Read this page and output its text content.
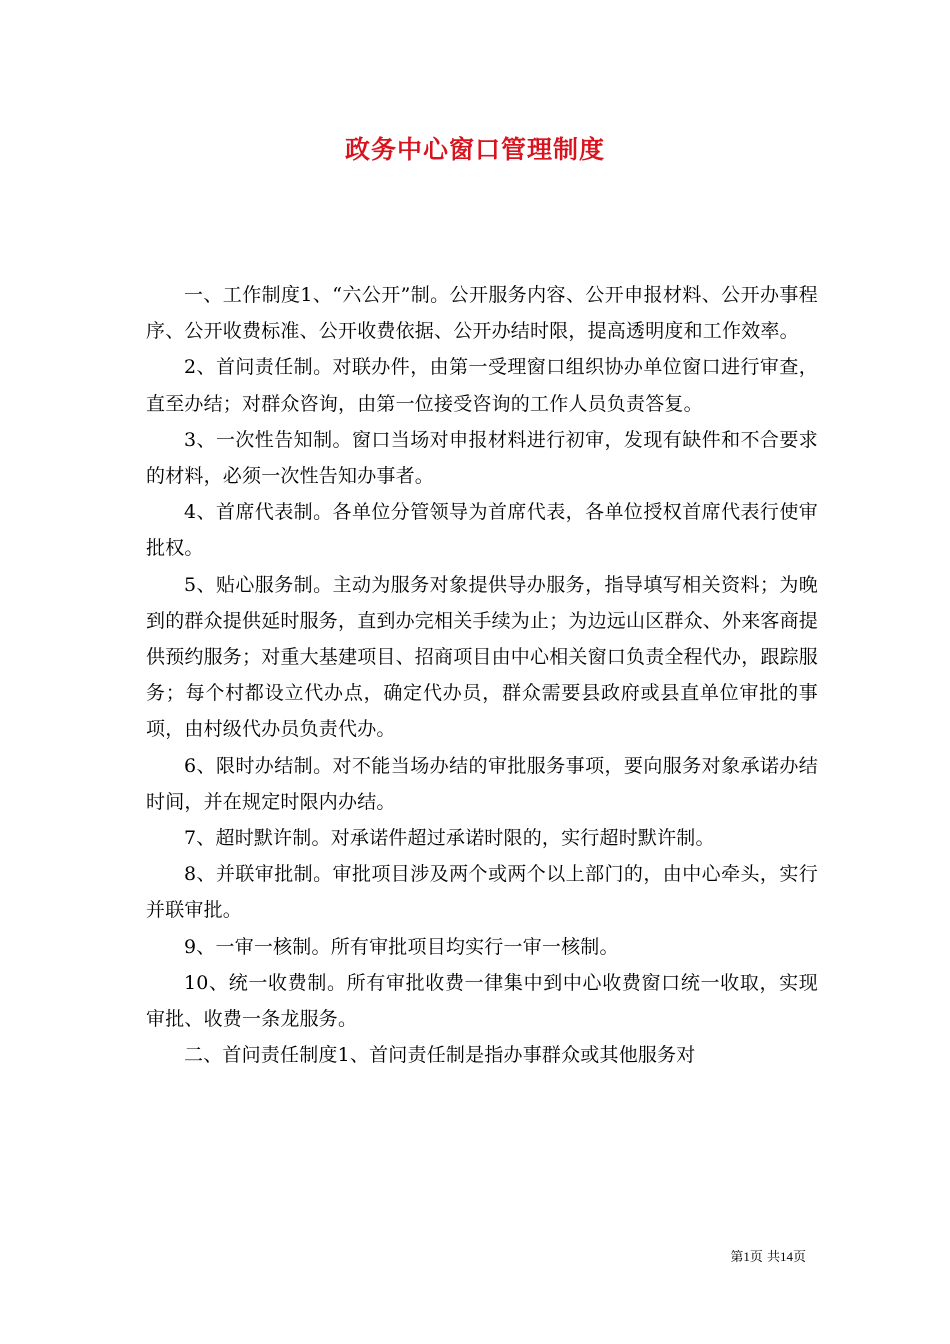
政务中心窗口管理制度

一、工作制度1、“六公开”制。公开服务内容、公开申报材料、公开办事程序、公开收费标准、公开收费依据、公开办结时限，提高透明度和工作效率。

2、首问责任制。对联办件，由第一受理窗口组织协办单位窗口进行审查，直至办结；对群众咨询，由第一位接受咨询的工作人员负责答复。

3、一次性告知制。窗口当场对申报材料进行初审，发现有缺件和不合要求的材料，必须一次性告知办事者。

4、首席代表制。各单位分管领导为首席代表，各单位授权首席代表行使审批权。

5、贴心服务制。主动为服务对象提供导办服务，指导填写相关资料；为晚到的群众提供延时服务，直到办完相关手续为止；为边远山区群众、外来客商提供预约服务；对重大基建项目、招商项目由中心相关窗口负责全程代办，跟踪服务；每个村都设立代办点，确定代办员，群众需要县政府或县直单位审批的事项，由村级代办员负责代办。

6、限时办结制。对不能当场办结的审批服务事项，要向服务对象承诺办结时间，并在规定时限内办结。

7、超时默许制。对承诺件超过承诺时限的，实行超时默许制。

8、并联审批制。审批项目涉及两个或两个以上部门的，由中心牵头，实行并联审批。

9、一审一核制。所有审批项目均实行一审一核制。

10、统一收费制。所有审批收费一律集中到中心收费窗口统一收取，实现审批、收费一条龙服务。

二、首问责任制度1、首问责任制是指办事群众或其他服务对

第1页 共14页
